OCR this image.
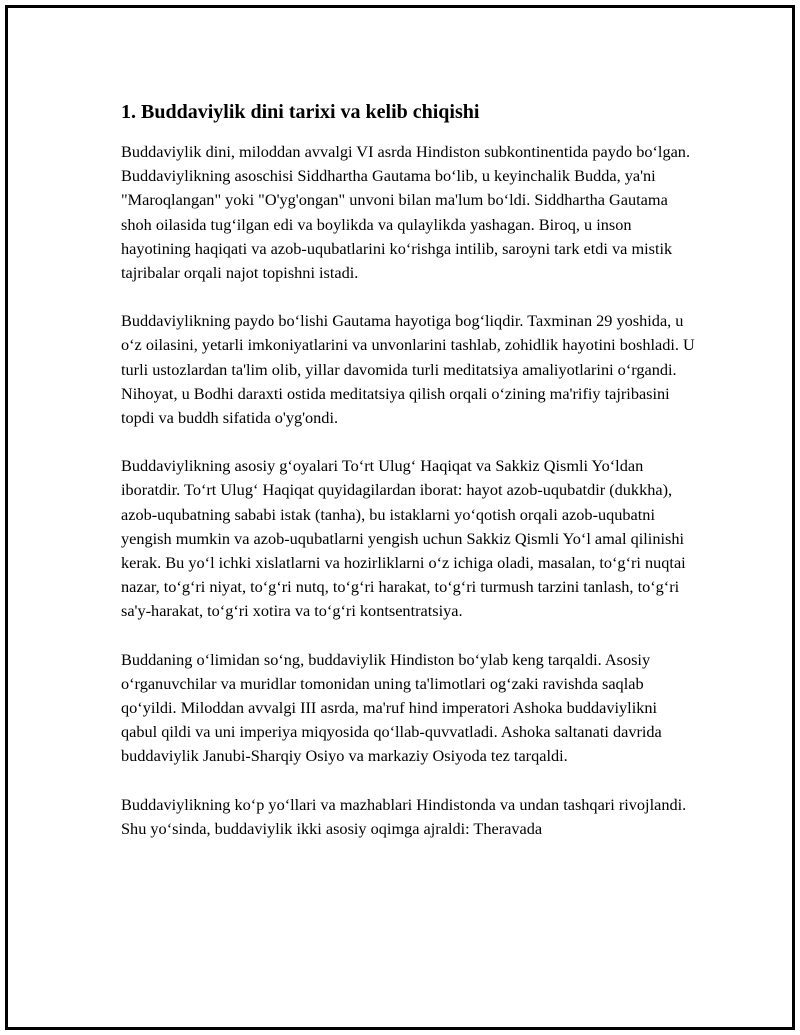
1. Buddaviylik dini tarixi va kelib chiqishi

Buddaviylik dini, miloddan avvalgi VI asrda Hindiston subkontinentida paydo bo‘lgan. Buddaviylikning asoschisi Siddhartha Gautama bo‘lib, u keyinchalik Budda, ya'ni "Maroqlangan" yoki "O'yg'ongan" unvoni bilan ma'lum bo‘ldi. Siddhartha Gautama shoh oilasida tug‘ilgan edi va boylikda va qulaylikda yashagan. Biroq, u inson hayotining haqiqati va azob-uqubatlarini ko‘rishga intilib, saroyni tark etdi va mistik tajribalar orqali najot topishni istadi.

Buddaviylikning paydo bo‘lishi Gautama hayotiga bog‘liqdir. Taxminan 29 yoshida, u o‘z oilasini, yetarli imkoniyatlarini va unvonlarini tashlab, zohidlik hayotini boshladi. U turli ustozlardan ta'lim olib, yillar davomida turli meditatsiya amaliyotlarini o‘rgandi. Nihoyat, u Bodhi daraxti ostida meditatsiya qilish orqali o‘zining ma'rifiy tajribasini topdi va buddh sifatida o'yg'ondi.

Buddaviylikning asosiy g‘oyalari To‘rt Ulug‘ Haqiqat va Sakkiz Qismli Yo‘ldan iboratdir. To‘rt Ulug‘ Haqiqat quyidagilardan iborat: hayot azob-uqubatdir (dukkha), azob-uqubatning sababi istak (tanha), bu istaklarni yo‘qotish orqali azob-uqubatni yengish mumkin va azob-uqubatlarni yengish uchun Sakkiz Qismli Yo‘l amal qilinishi kerak. Bu yo‘l ichki xislatlarni va hozirliklarni o‘z ichiga oladi, masalan, to‘g‘ri nuqtai nazar, to‘g‘ri niyat, to‘g‘ri nutq, to‘g‘ri harakat, to‘g‘ri turmush tarzini tanlash, to‘g‘ri sa'y-harakat, to‘g‘ri xotira va to‘g‘ri kontsentratsiya.

Buddaning o‘limidan so‘ng, buddaviylik Hindiston bo‘ylab keng tarqaldi. Asosiy o‘rganuvchilar va muridlar tomonidan uning ta'limotlari og‘zaki ravishda saqlab qo‘yildi. Miloddan avvalgi III asrda, ma'ruf hind imperatori Ashoka buddaviylikni qabul qildi va uni imperiya miqyosida qo‘llab-quvvatladi. Ashoka saltanati davrida buddaviylik Janubi-Sharqiy Osiyo va markaziy Osiyoda tez tarqaldi.

Buddaviylikning ko‘p yo‘llari va mazhablari Hindistonda va undan tashqari rivojlandi. Shu yo‘sinda, buddaviylik ikki asosiy oqimga ajraldi: Theravada
